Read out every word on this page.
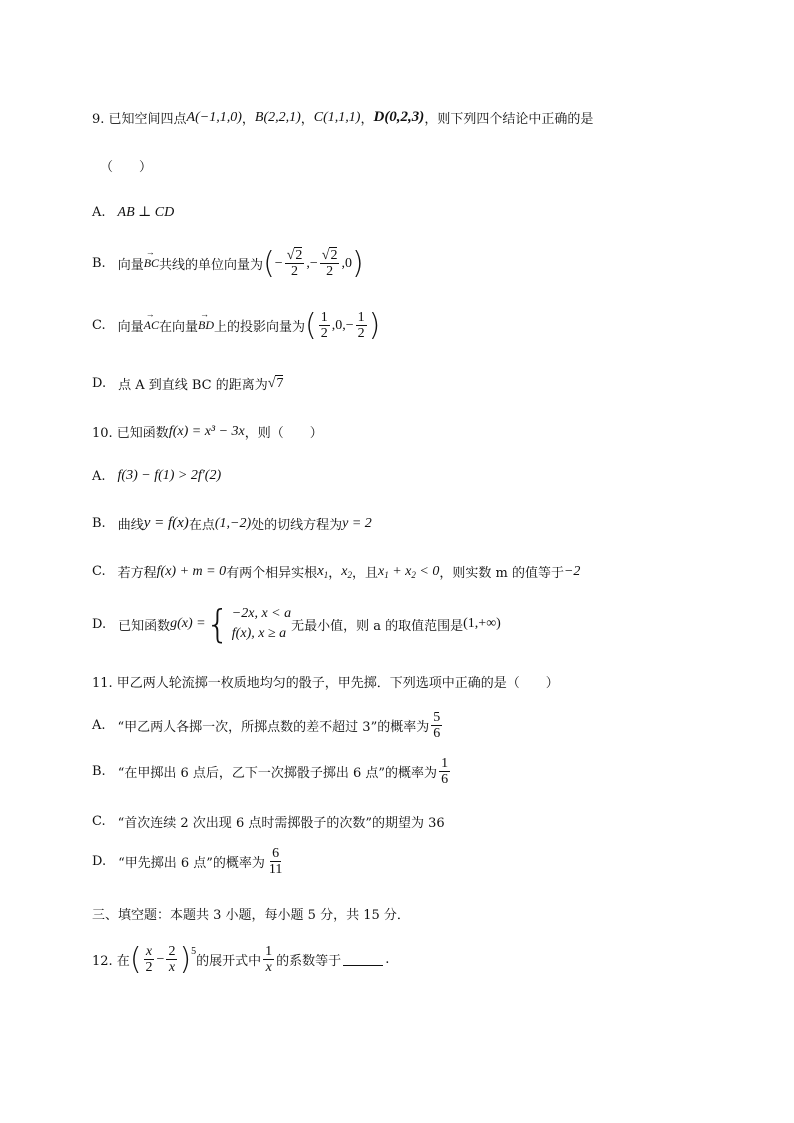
9. 已知空间四点 A(−1,1,0) ， B(2,2,1) ， C(1,1,1) ， D(0,2,3) ，则下列四个结论中正确的是
（　　）
A. AB ⊥ CD
B. 向量 → BC 共线的单位向量为 ( − $\frac{√2}{2}$ ,− $\frac{√2}{2} ,0$ )
C. 向量 → AC 在向量 → BD 上的投影向量为 ( $\frac{1}{2} ,0,- \frac{1}{2}$ )
D. 点 A 到直线 BC 的距离为 √7
10. 已知函数 f(x) = x³ − 3x ，则（　　）
A. f(3) − f(1) > 2f′(2)
B. 曲线 y = f(x) 在点 (1,−2) 处的切线方程为 y = 2
C. 若方程 f(x) + m = 0 有两个相异实根 $x_1$ ， $x_2$ ，且 $x_1 + x_2 < 0$ ，则实数 m 的值等于 −2
D. 已知函数 g(x) = { −2x, x < a
f(x), x ≥ a 无最小值，则 a 的取值范围是 (1,+∞)
11. 甲乙两人轮流掷一枚质地均匀的骰子，甲先掷．下列选项中正确的是（　　）
A. “甲乙两人各掷一次，所掷点数的差不超过 3”的概率为 $\frac{5}{6}$
B. “在甲掷出 6 点后，乙下一次掷骰子掷出 6 点”的概率为 $\frac{1}{6}$
C. “首次连续 2 次出现 6 点时需掷骰子的次数”的期望为 36
D. “甲先掷出 6 点”的概率为 $\frac{6}{11}$
三、填空题：本题共 3 小题，每小题 5 分，共 15 分．
12. 在 ( $\frac{x}{2} - \frac{2}{x}$ ) 5
的展开式中 $\frac{1}{x}$ 的系数等于	.
